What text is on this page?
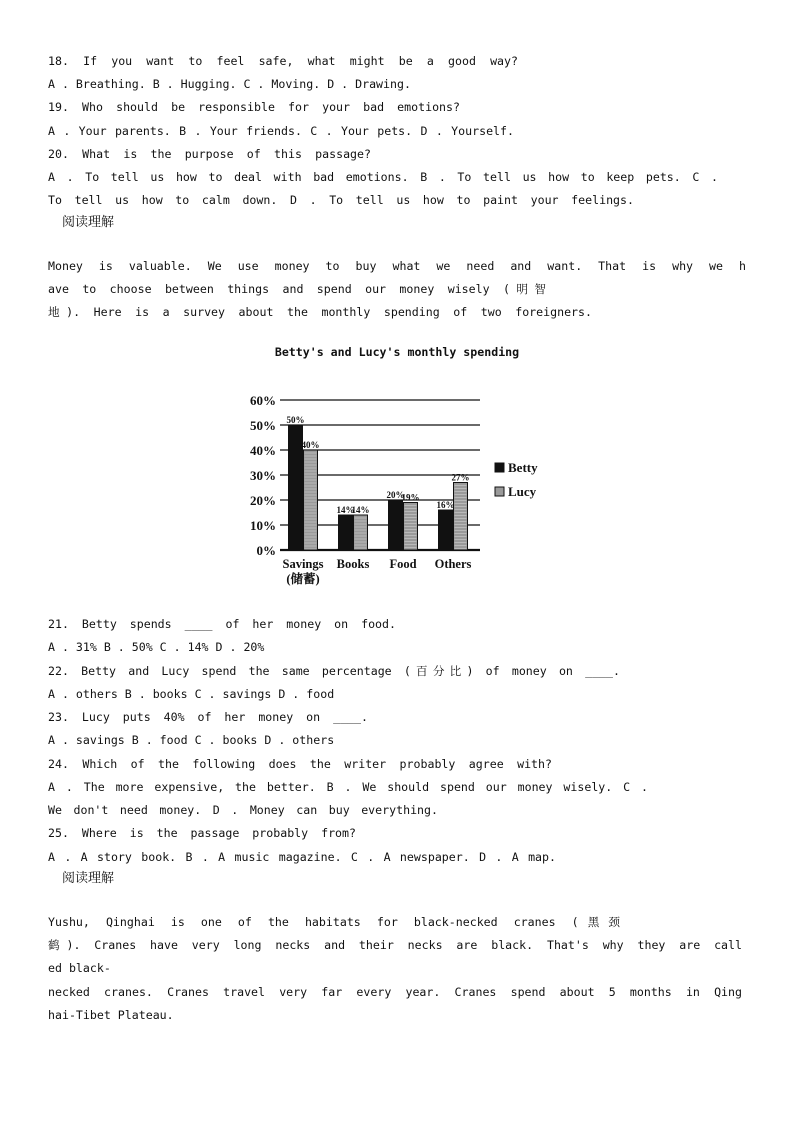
18. If you want to feel safe, what might be a good way?
A . Breathing. B . Hugging. C . Moving. D . Drawing.
19. Who should be responsible for your bad emotions?
A . Your parents. B . Your friends. C . Your pets. D . Yourself.
20. What is the purpose of this passage?
A . To tell us how to deal with bad emotions. B . To tell us how to keep pets. C .
To tell us how to calm down. D . To tell us how to paint your feelings.
阅读理解
Money is valuable. We use money to buy what we need and want. That is why we h
ave to choose between things and spend our money wisely (明智
地). Here is a survey about the monthly spending of two foreigners.
Betty's and Lucy's monthly spending
0%
10%
20%
30%
40%
50%
60%
50%
14%
20%
16%
40%
14%
19%
27%
Savings
(储蓄)
Books Food Others
Betty
Lucy
21. Betty spends ____ of her money on food.
A . 31% B . 50% C . 14% D . 20%
22. Betty and Lucy spend the same percentage (百分比) of money on ____.
A . others B . books C . savings D . food
23. Lucy puts 40% of her money on ____.
A . savings B . food C . books D . others
24. Which of the following does the writer probably agree with?
A . The more expensive, the better. B . We should spend our money wisely. C .
We don't need money. D . Money can buy everything.
25. Where is the passage probably from?
A . A story book. B . A music magazine. C . A newspaper. D . A map.
阅读理解
Yushu, Qinghai is one of the habitats for black-necked cranes (黑颈
鹤). Cranes have very long necks and their necks are black. That's why they are call
ed black-
necked cranes. Cranes travel very far every year. Cranes spend about 5 months in Qing
hai-Tibet Plateau.
